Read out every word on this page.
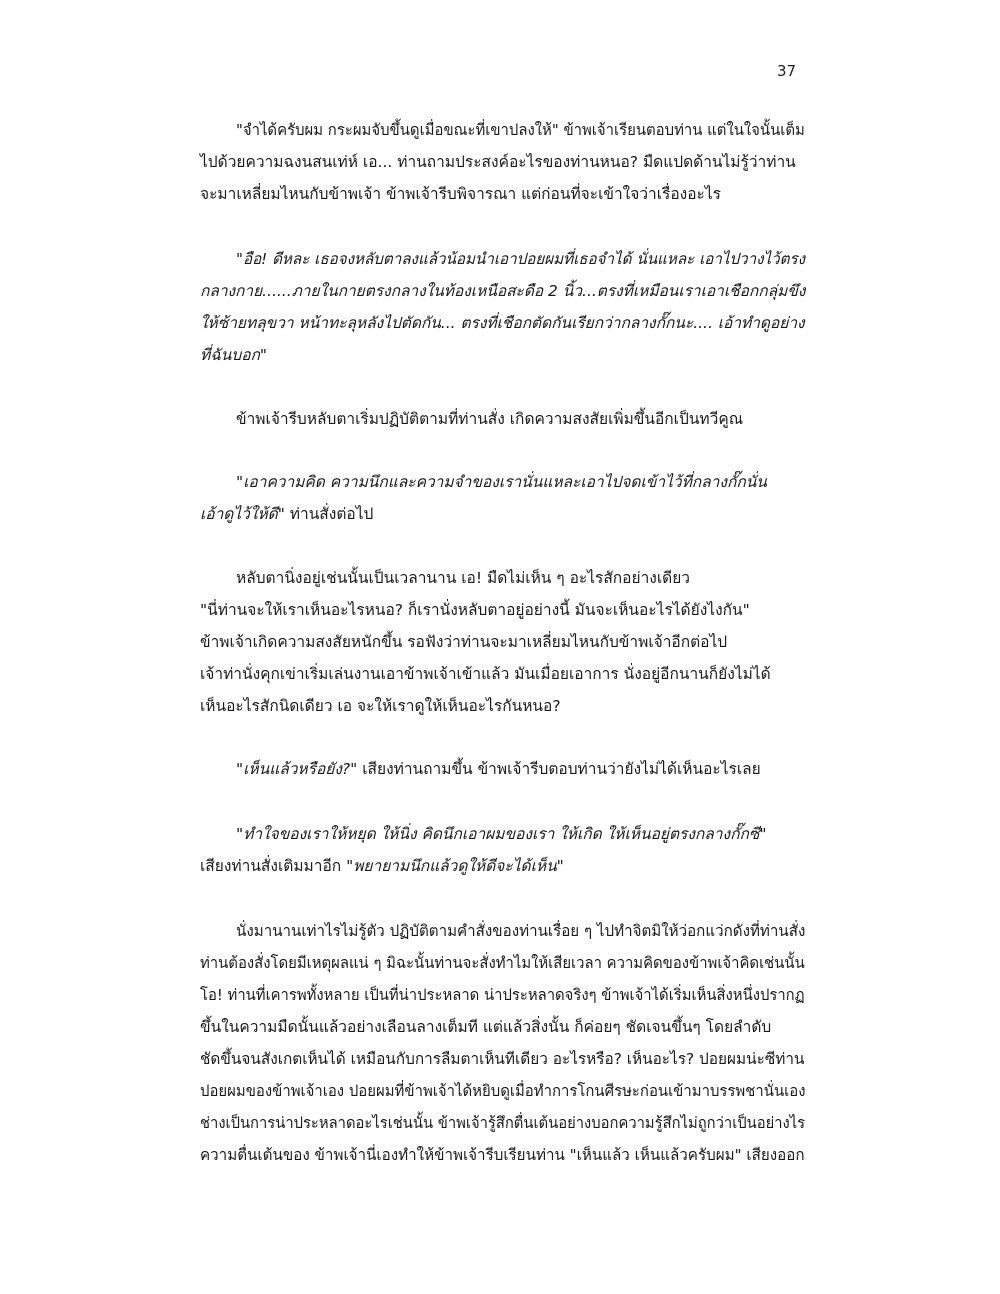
37
"จำได้ครับผม กระผมจับขึ้นดูเมื่อขณะที่เขาปลงให้" ข้าพเจ้าเรียนตอบท่าน แต่ในใจนั้นเต็ม
ไปด้วยความฉงนสนเท่ห์ เอ... ท่านถามประสงค์อะไรของท่านหนอ? มืดแปดด้านไม่รู้ว่าท่าน
จะมาเหลี่ยมไหนกับข้าพเจ้า ข้าพเจ้ารีบพิจารณา แต่ก่อนที่จะเข้าใจว่าเรื่องอะไร
"อือ! ดีหละ เธอจงหลับตาลงแล้วน้อมนำเอาปอยผมที่เธอจำได้ นั่นแหละ เอาไปวางไว้ตรง
กลางกาย......ภายในกายตรงกลางในท้องเหนือสะดือ 2 นิ้ว...ตรงที่เหมือนเราเอาเชือกกลุ่มขึง
ให้ซ้ายทลุขวา หน้าทะลุหลังไปตัดกัน... ตรงที่เชือกตัดกันเรียกว่ากลางกั๊กนะ.... เอ้าทำดูอย่าง
ที่ฉันบอก"
ข้าพเจ้ารีบหลับตาเริ่มปฏิบัติตามที่ท่านสั่ง เกิดความสงสัยเพิ่มขึ้นอีกเป็นทวีคูณ
"เอาความคิด ความนึกและความจำของเรานั่นแหละเอาไปจดเข้าไว้ที่กลางกั๊กนั่น
เอ้าดูไว้ให้ดี" ท่านสั่งต่อไป
หลับตานิ่งอยู่เช่นนั้นเป็นเวลานาน เอ! มืดไม่เห็น ๆ อะไรสักอย่างเดียว
"นี่ท่านจะให้เราเห็นอะไรหนอ? ก็เรานั่งหลับตาอยู่อย่างนี้ มันจะเห็นอะไรได้ยังไงกัน"
ข้าพเจ้าเกิดความสงสัยหนักขึ้น รอฟังว่าท่านจะมาเหลี่ยมไหนกับข้าพเจ้าอีกต่อไป
เจ้าท่านั่งคุกเข่าเริ่มเล่นงานเอาข้าพเจ้าเข้าแล้ว มันเมื่อยเอาการ นั่งอยู่อีกนานก็ยังไม่ได้
เห็นอะไรสักนิดเดียว เอ จะให้เราดูให้เห็นอะไรกันหนอ?
"เห็นแล้วหรือยัง?" เสียงท่านถามขึ้น ข้าพเจ้ารีบตอบท่านว่ายังไม่ได้เห็นอะไรเลย
"ทำใจของเราให้หยุด ให้นิ่ง คิดนึกเอาผมของเรา ให้เกิด ให้เห็นอยู่ตรงกลางกั๊กซี"
เสียงท่านสั่งเติมมาอีก "พยายามนึกแล้วดูให้ดีจะได้เห็น"
นั่งมานานเท่าไรไม่รู้ตัว ปฏิบัติตามคำสั่งของท่านเรื่อย ๆ ไปทำจิตมิให้ว่อกแว่กดังที่ท่านสั่ง
ท่านต้องสั่งโดยมีเหตุผลแน่ ๆ มิฉะนั้นท่านจะสั่งทำไมให้เสียเวลา ความคิดของข้าพเจ้าคิดเช่นนั้น
โอ! ท่านที่เคารพทั้งหลาย เป็นที่น่าประหลาด น่าประหลาดจริงๆ ข้าพเจ้าได้เริ่มเห็นสิ่งหนึ่งปรากฏ
ขึ้นในความมืดนั้นแล้วอย่างเลือนลางเต็มที แต่แล้วสิ่งนั้น ก็ค่อยๆ ชัดเจนขึ้นๆ โดยลำดับ
ชัดขึ้นจนสังเกตเห็นได้ เหมือนกับการลืมตาเห็นทีเดียว อะไรหรือ? เห็นอะไร? ปอยผมน่ะซีท่าน
ปอยผมของข้าพเจ้าเอง ปอยผมที่ข้าพเจ้าได้หยิบดูเมื่อทำการโกนศีรษะก่อนเข้ามาบรรพชานั่นเอง
ช่างเป็นการน่าประหลาดอะไรเช่นนั้น ข้าพเจ้ารู้สึกตื่นเต้นอย่างบอกความรู้สึกไม่ถูกว่าเป็นอย่างไร
ความตื่นเต้นของ ข้าพเจ้านี่เองทำให้ข้าพเจ้ารีบเรียนท่าน "เห็นแล้ว เห็นแล้วครับผม" เสียงออก
